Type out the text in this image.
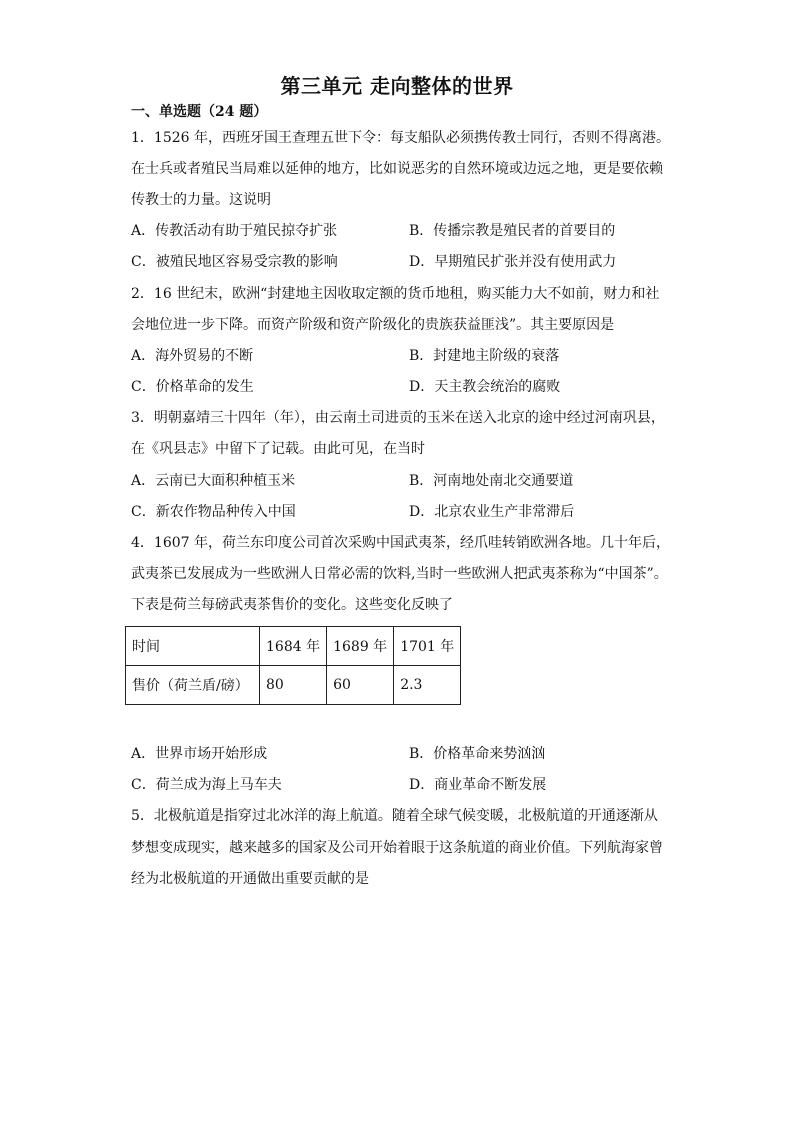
第三单元 走向整体的世界
一、单选题（24 题）
1．1526 年，西班牙国王查理五世下令：每支船队必须携传教士同行，否则不得离港。
在士兵或者殖民当局难以延伸的地方，比如说恶劣的自然环境或边远之地，更是要依赖
传教士的力量。这说明
A．传教活动有助于殖民掠夺扩张	B．传播宗教是殖民者的首要目的
C．被殖民地区容易受宗教的影响	D．早期殖民扩张并没有使用武力
2．16 世纪末，欧洲“封建地主因收取定额的货币地租，购买能力大不如前，财力和社
会地位进一步下降。而资产阶级和资产阶级化的贵族获益匪浅”。其主要原因是
A．海外贸易的不断	B．封建地主阶级的衰落
C．价格革命的发生	D．天主教会统治的腐败
3．明朝嘉靖三十四年（年），由云南土司进贡的玉米在送入北京的途中经过河南巩县，
在《巩县志》中留下了记载。由此可见，在当时
A．云南已大面积种植玉米	B．河南地处南北交通要道
C．新农作物品种传入中国	D．北京农业生产非常滞后
4．1607 年，荷兰东印度公司首次采购中国武夷茶，经爪哇转销欧洲各地。几十年后，
武夷茶已发展成为一些欧洲人日常必需的饮料,当时一些欧洲人把武夷茶称为“中国茶”。
下表是荷兰每磅武夷茶售价的变化。这些变化反映了
时间	1684 年	1689 年	1701 年
售价（荷兰盾/磅）	80	60	2.3
A．世界市场开始形成	B．价格革命来势汹汹
C．荷兰成为海上马车夫	D．商业革命不断发展
5．北极航道是指穿过北冰洋的海上航道。随着全球气候变暖，北极航道的开通逐渐从
梦想变成现实，越来越多的国家及公司开始着眼于这条航道的商业价值。下列航海家曾
经为北极航道的开通做出重要贡献的是
